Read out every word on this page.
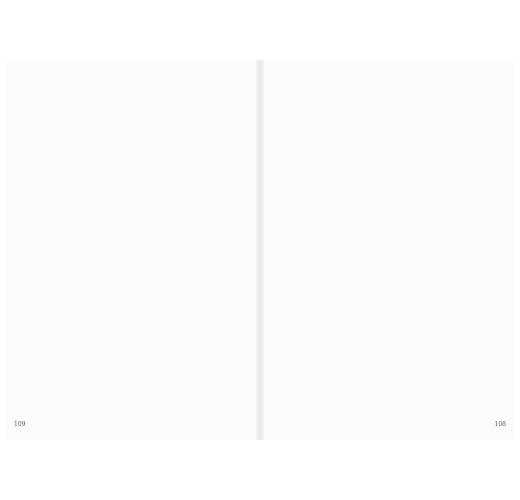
109	108
